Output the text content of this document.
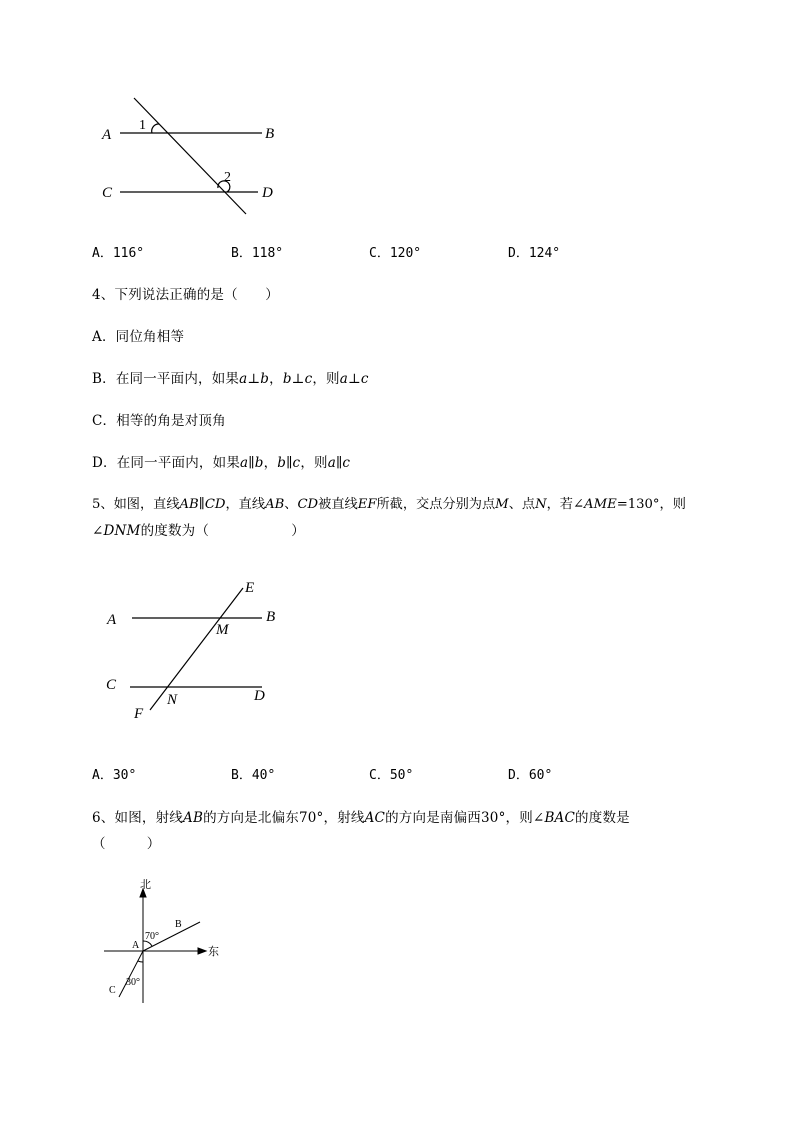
A	B
C	D
1
2
A	B
C
D
E
F
M
N
北
东
A
B
C
70°
30°
A．116°	B．118°	C．120°	D．124°
4、下列说法正确的是（　　）
A．同位角相等
B．在同一平面内，如果a⊥b，b⊥c，则a⊥c
C．相等的角是对顶角
D．在同一平面内，如果a∥b，b∥c，则a∥c
5、如图，直线AB∥CD，直线AB、CD被直线EF所截，交点分别为点M、点N，若∠AME=130°，则
∠DNM的度数为（　　　　　　）
A．30°	B．40°	C．50°	D．60°
6、如图，射线AB的方向是北偏东70°，射线AC的方向是南偏西30°，则∠BAC的度数是
（　　　）
